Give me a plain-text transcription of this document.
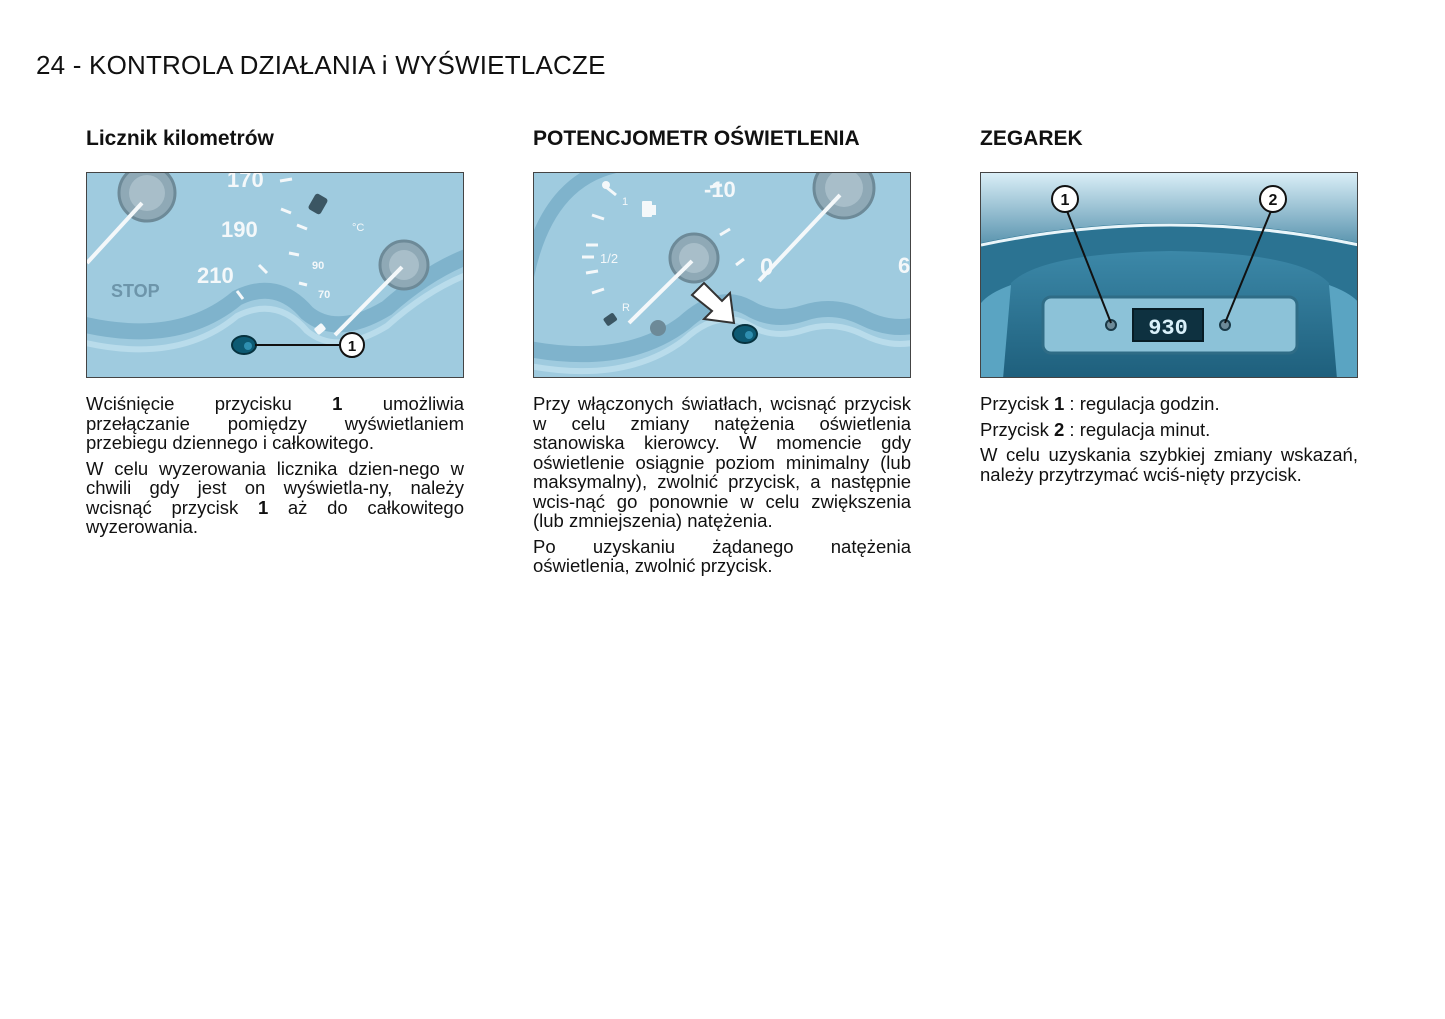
24 - KONTROLA DZIAŁANIA i WYŚWIETLACZE
Licznik kilometrów
170
190
210
STOP
90
70
°C
1

Wciśnięcie przycisku 1 umożliwia przełączanie pomiędzy wyświetlaniem przebiegu dziennego i całkowitego.

W celu wyzerowania licznika dzien-nego w chwili gdy jest on wyświetla-ny, należy wcisnąć przycisk 1 aż do całkowitego wyzerowania.

POTENCJOMETR OŚWIETLENIA
1
1/2
R
-10
0	6

Przy włączonych światłach, wcisnąć przycisk w celu zmiany natężenia oświetlenia stanowiska kierowcy. W momencie gdy oświetlenie osiągnie poziom minimalny (lub maksymalny), zwolnić przycisk, a następnie wcis-nąć go ponownie w celu zwiększenia (lub zmniejszenia) natężenia.

Po uzyskaniu żądanego natężenia oświetlenia, zwolnić przycisk.

ZEGAREK
930
1	2

Przycisk 1 : regulacja godzin.

Przycisk 2 : regulacja minut.

W celu uzyskania szybkiej zmiany wskazań, należy przytrzymać wciś-nięty przycisk.
